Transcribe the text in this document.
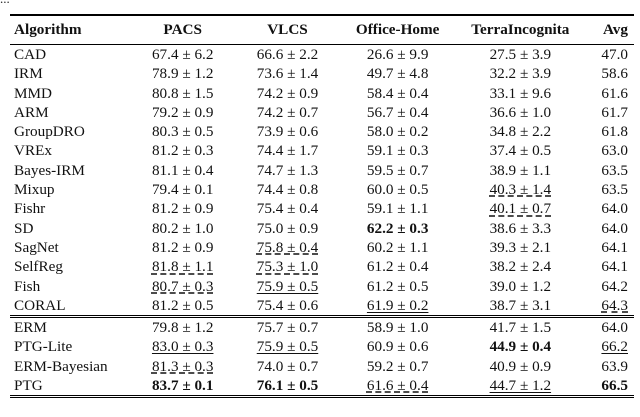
Algorithm	PACS	VLCS	Office-Home	TerraIncognita	Avg
CAD	67.4 ± 6.2	66.6 ± 2.2	26.6 ± 9.9	27.5 ± 3.9	47.0
IRM	78.9 ± 1.2	73.6 ± 1.4	49.7 ± 4.8	32.2 ± 3.9	58.6
MMD	80.8 ± 1.5	74.2 ± 0.9	58.4 ± 0.4	33.1 ± 9.6	61.6
ARM	79.2 ± 0.9	74.2 ± 0.7	56.7 ± 0.4	36.6 ± 1.0	61.7
GroupDRO	80.3 ± 0.5	73.9 ± 0.6	58.0 ± 0.2	34.8 ± 2.2	61.8
VREx	81.2 ± 0.3	74.4 ± 1.7	59.1 ± 0.3	37.4 ± 0.5	63.0
Bayes-IRM	81.1 ± 0.4	74.7 ± 1.3	59.5 ± 0.7	38.9 ± 1.1	63.5
Mixup	79.4 ± 0.1	74.4 ± 0.8	60.0 ± 0.5	40.3 ± 1.4	63.5
Fishr	81.2 ± 0.9	75.4 ± 0.4	59.1 ± 1.1	40.1 ± 0.7	64.0
SD	80.2 ± 1.0	75.0 ± 0.9	62.2 ± 0.3	38.6 ± 3.3	64.0
SagNet	81.2 ± 0.9	75.8 ± 0.4	60.2 ± 1.1	39.3 ± 2.1	64.1
SelfReg	81.8 ± 1.1	75.3 ± 1.0	61.2 ± 0.4	38.2 ± 2.4	64.1
Fish	80.7 ± 0.3	75.9 ± 0.5	61.2 ± 0.5	39.0 ± 1.2	64.2
CORAL	81.2 ± 0.5	75.4 ± 0.6	61.9 ± 0.2	38.7 ± 3.1	64.3
ERM	79.8 ± 1.2	75.7 ± 0.7	58.9 ± 1.0	41.7 ± 1.5	64.0
PTG-Lite	83.0 ± 0.3	75.9 ± 0.5	60.9 ± 0.6	44.9 ± 0.4	66.2
ERM-Bayesian	81.3 ± 0.3	74.0 ± 0.7	59.2 ± 0.7	40.9 ± 0.9	63.9
PTG	83.7 ± 0.1	76.1 ± 0.5	61.6 ± 0.4	44.7 ± 1.2	66.5
